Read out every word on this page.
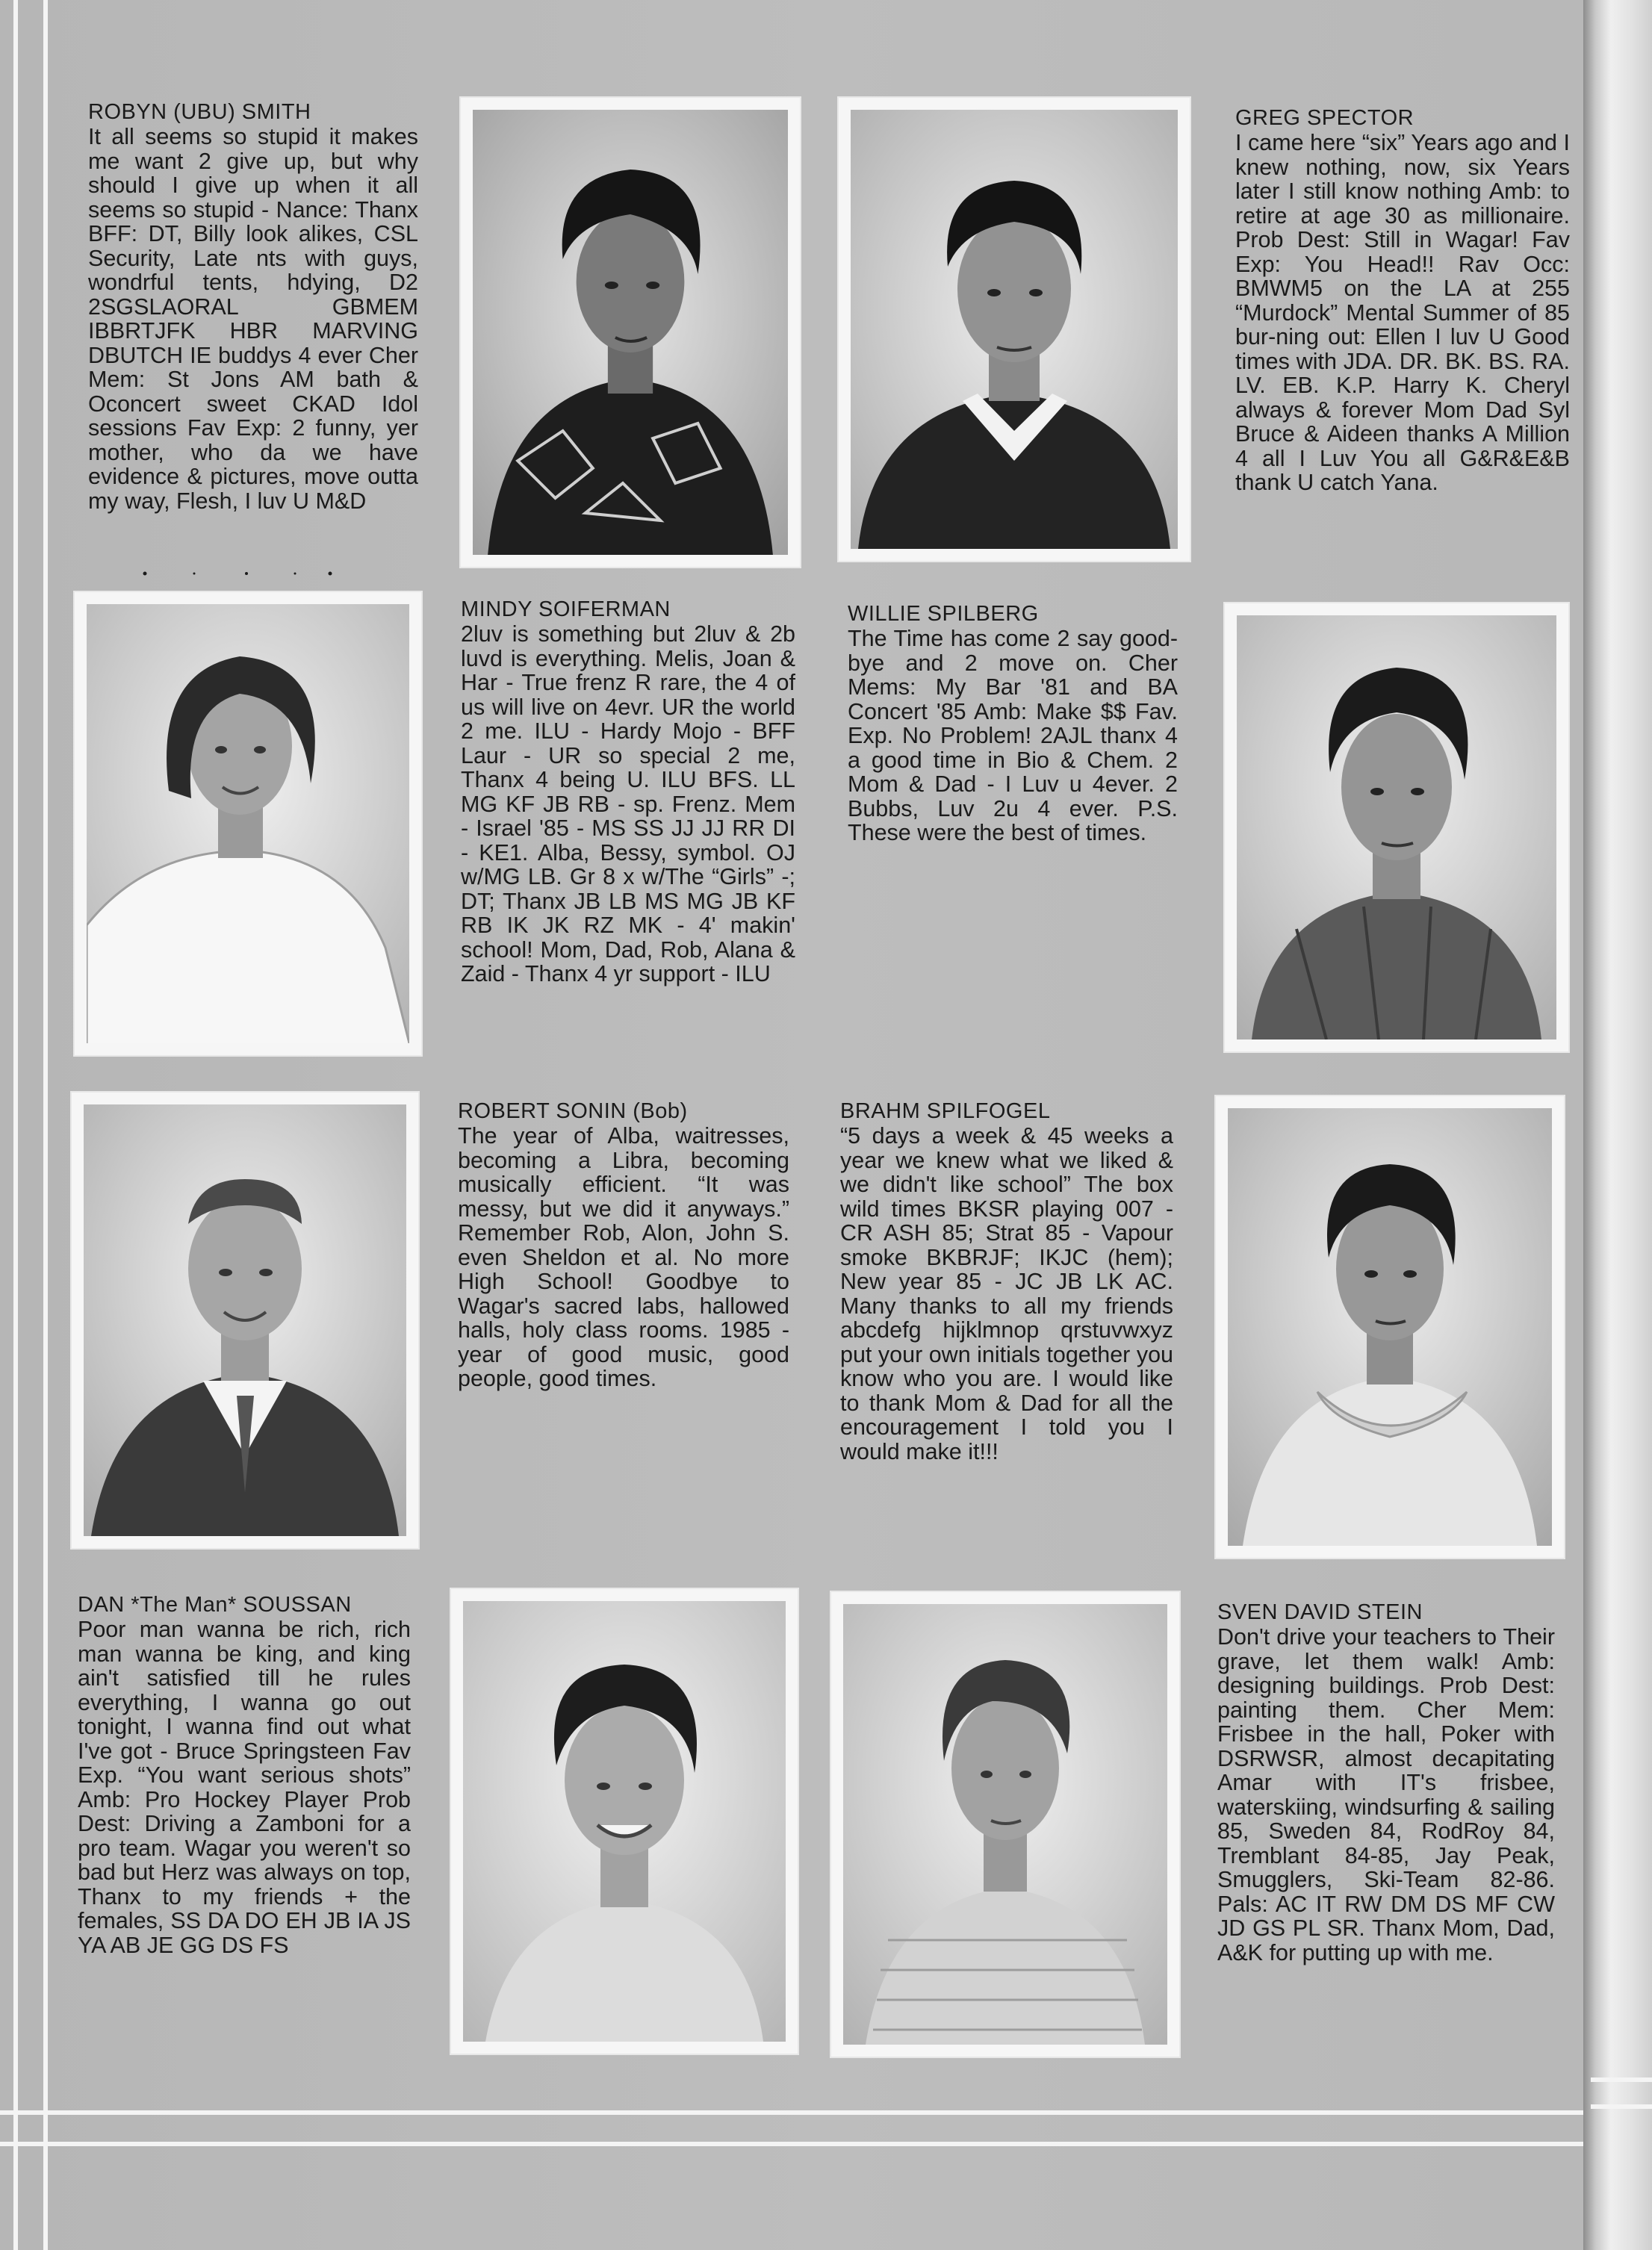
ROBYN (UBU) SMITH
It all seems so stupid it makes me want 2 give up, but why should I give up when it all seems so stupid - Nance: Thanx BFF: DT, Billy look alikes, CSL Security, Late nts with guys, wondrful tents, hdying, D2 2SGSLAORAL GBMEM IBBRTJFK HBR MARVING DBUTCH IE buddys 4 ever Cher Mem: St Jons AM bath & Oconcert sweet CKAD Idol sessions Fav Exp: 2 funny, yer mother, who da we have evidence & pictures, move outta my way, Flesh, I luv U M&D
GREG SPECTOR
I came here “six” Years ago and I knew nothing, now, six Years later I still know nothing Amb: to retire at age 30 as millionaire. Prob Dest: Still in Wagar! Fav Exp: You Head!! Rav Occ: BMWM5 on the LA at 255 “Murdock” Mental Summer of 85 bur-ning out: Ellen I luv U Good times with JDA. DR. BK. BS. RA. LV. EB. K.P. Harry K. Cheryl always & forever Mom Dad Syl Bruce & Aideen thanks A Million 4 all I Luv You all G&R&E&B thank U catch Yana.
MINDY SOIFERMAN
2luv is something but 2luv & 2b luvd is everything. Melis, Joan & Har - True frenz R rare, the 4 of us will live on 4evr. UR the world 2 me. ILU - Hardy Mojo - BFF Laur - UR so special 2 me, Thanx 4 being U. ILU BFS. LL MG KF JB RB - sp. Frenz. Mem - Israel '85 - MS SS JJ JJ RR DI - KE1. Alba, Bessy, symbol. OJ w/MG LB. Gr 8 x w/The “Girls” -; DT; Thanx JB LB MS MG JB KF RB IK JK RZ MK - 4' makin' school! Mom, Dad, Rob, Alana & Zaid - Thanx 4 yr support - ILU
WILLIE SPILBERG
The Time has come 2 say good-bye and 2 move on. Cher Mems: My Bar '81 and BA Concert '85 Amb: Make $$ Fav. Exp. No Problem! 2AJL thanx 4 a good time in Bio & Chem. 2 Mom & Dad - I Luv u 4ever. 2 Bubbs, Luv 2u 4 ever. P.S. These were the best of times.
ROBERT SONIN (Bob)
The year of Alba, waitresses, becoming a Libra, becoming musically efficient. “It was messy, but we did it anyways.” Remember Rob, Alon, John S. even Sheldon et al. No more High School! Goodbye to Wagar's sacred labs, hallowed halls, holy class rooms. 1985 - year of good music, good people, good times.
BRAHM SPILFOGEL
“5 days a week & 45 weeks a year we knew what we liked & we didn't like school” The box wild times BKSR playing 007 - CR ASH 85; Strat 85 - Vapour smoke BKBRJF; IKJC (hem); New year 85 - JC JB LK AC. Many thanks to all my friends abcdefg hijklmnop qrstuvwxyz put your own initials together you know who you are. I would like to thank Mom & Dad for all the encouragement I told you I would make it!!!
DAN *The Man* SOUSSAN
Poor man wanna be rich, rich man wanna be king, and king ain't satisfied till he rules everything, I wanna go out tonight, I wanna find out what I've got - Bruce Springsteen Fav Exp. “You want serious shots” Amb: Pro Hockey Player Prob Dest: Driving a Zamboni for a pro team. Wagar you weren't so bad but Herz was always on top, Thanx to my friends + the females, SS DA DO EH JB IA JS YA AB JE GG DS FS
SVEN DAVID STEIN
Don't drive your teachers to Their grave, let them walk! Amb: designing buildings. Prob Dest: painting them. Cher Mem: Frisbee in the hall, Poker with DSRWSR, almost decapitating Amar with IT's frisbee, waterskiing, windsurfing & sailing 85, Sweden 84, RodRoy 84, Tremblant 84-85, Jay Peak, Smugglers, Ski-Team 82-86. Pals: AC IT RW DM DS MF CW JD GS PL SR. Thanx Mom, Dad, A&K for putting up with me.
